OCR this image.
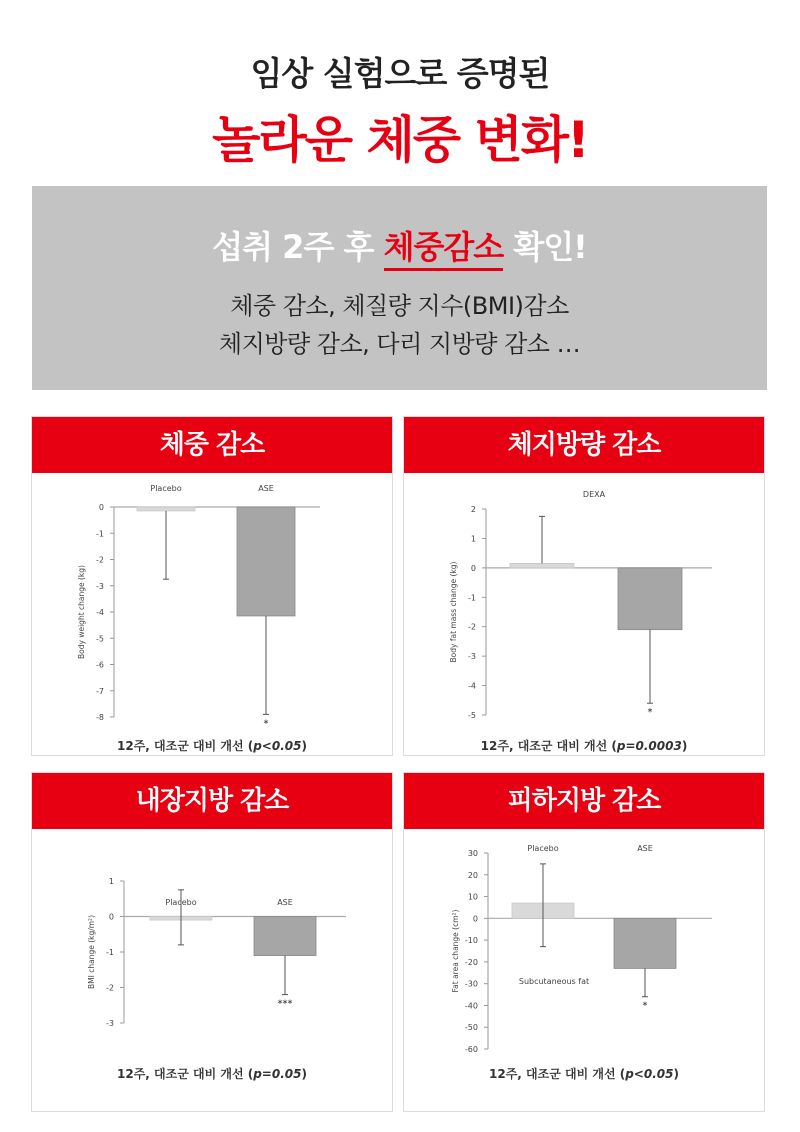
임상 실험으로 증명된
놀라운 체중 변화!
섭취 2주 후 체중감소 확인!
체중 감소, 체질량 지수(BMI)감소
체지방량 감소, 다리 지방량 감소 …
체중 감소
0
-1
-2
-3
-4
-5
-6
-7
-8
Body weight change (kg)
Placebo	ASE
*
12주, 대조군 대비 개선 (p<0.05)
체지방량 감소
2
1
0
-1
-2
-3
-4
-5
Body fat mass change (kg)
*
DEXA
12주, 대조군 대비 개선 (p=0.0003)
내장지방 감소
1
0
-1
-2
-3
BMI change (kg/m²)
Placebo	ASE
***
12주, 대조군 대비 개선 (p=0.05)
피하지방 감소
30
20
10
0
-10
-20
-30
-40
-50
-60
Fat area change (cm²)
Placebo	ASE
*
Subcutaneous fat
12주, 대조군 대비 개선 (p<0.05)
